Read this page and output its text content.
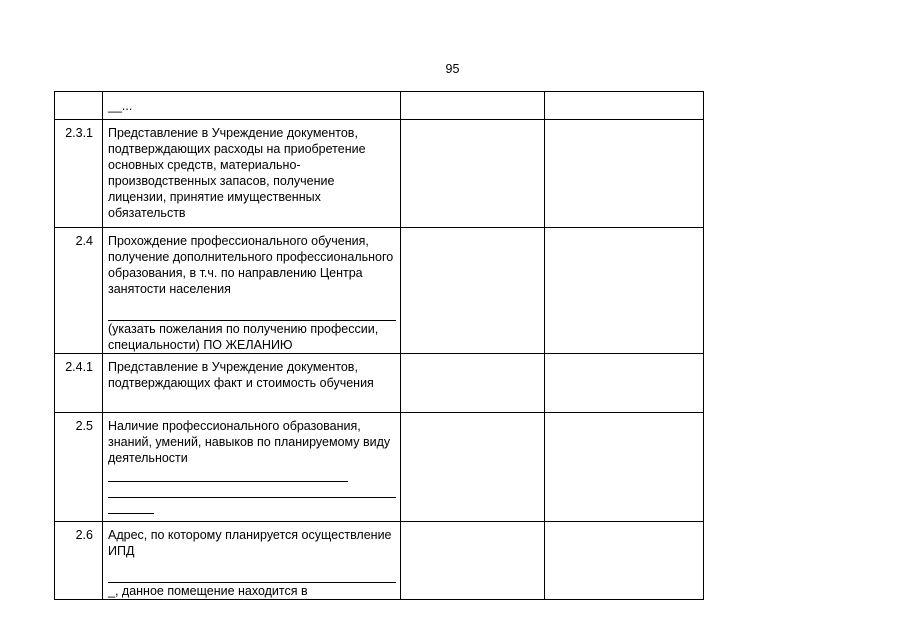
95
	__...		
2.3.1	Представление в Учреждение документов, подтверждающих расходы на приобретение основных средств, материально-производственных запасов, получение лицензии, принятие имущественных обязательств		
2.4	Прохождение профессионального обучения, получение дополнительного профессионального образования, в т.ч. по направлению Центра занятости населения
(указать пожелания по получению профессии, специальности) ПО ЖЕЛАНИЮ		

2.4.1	Представление в Учреждение документов, подтверждающих факт и стоимость обучения		
2.5	Наличие профессионального образования, знаний, умений, навыков по планируемому виду деятельности		

2.6	Адрес, по которому планируется осуществление ИПД
_, данное помещение находится в		
